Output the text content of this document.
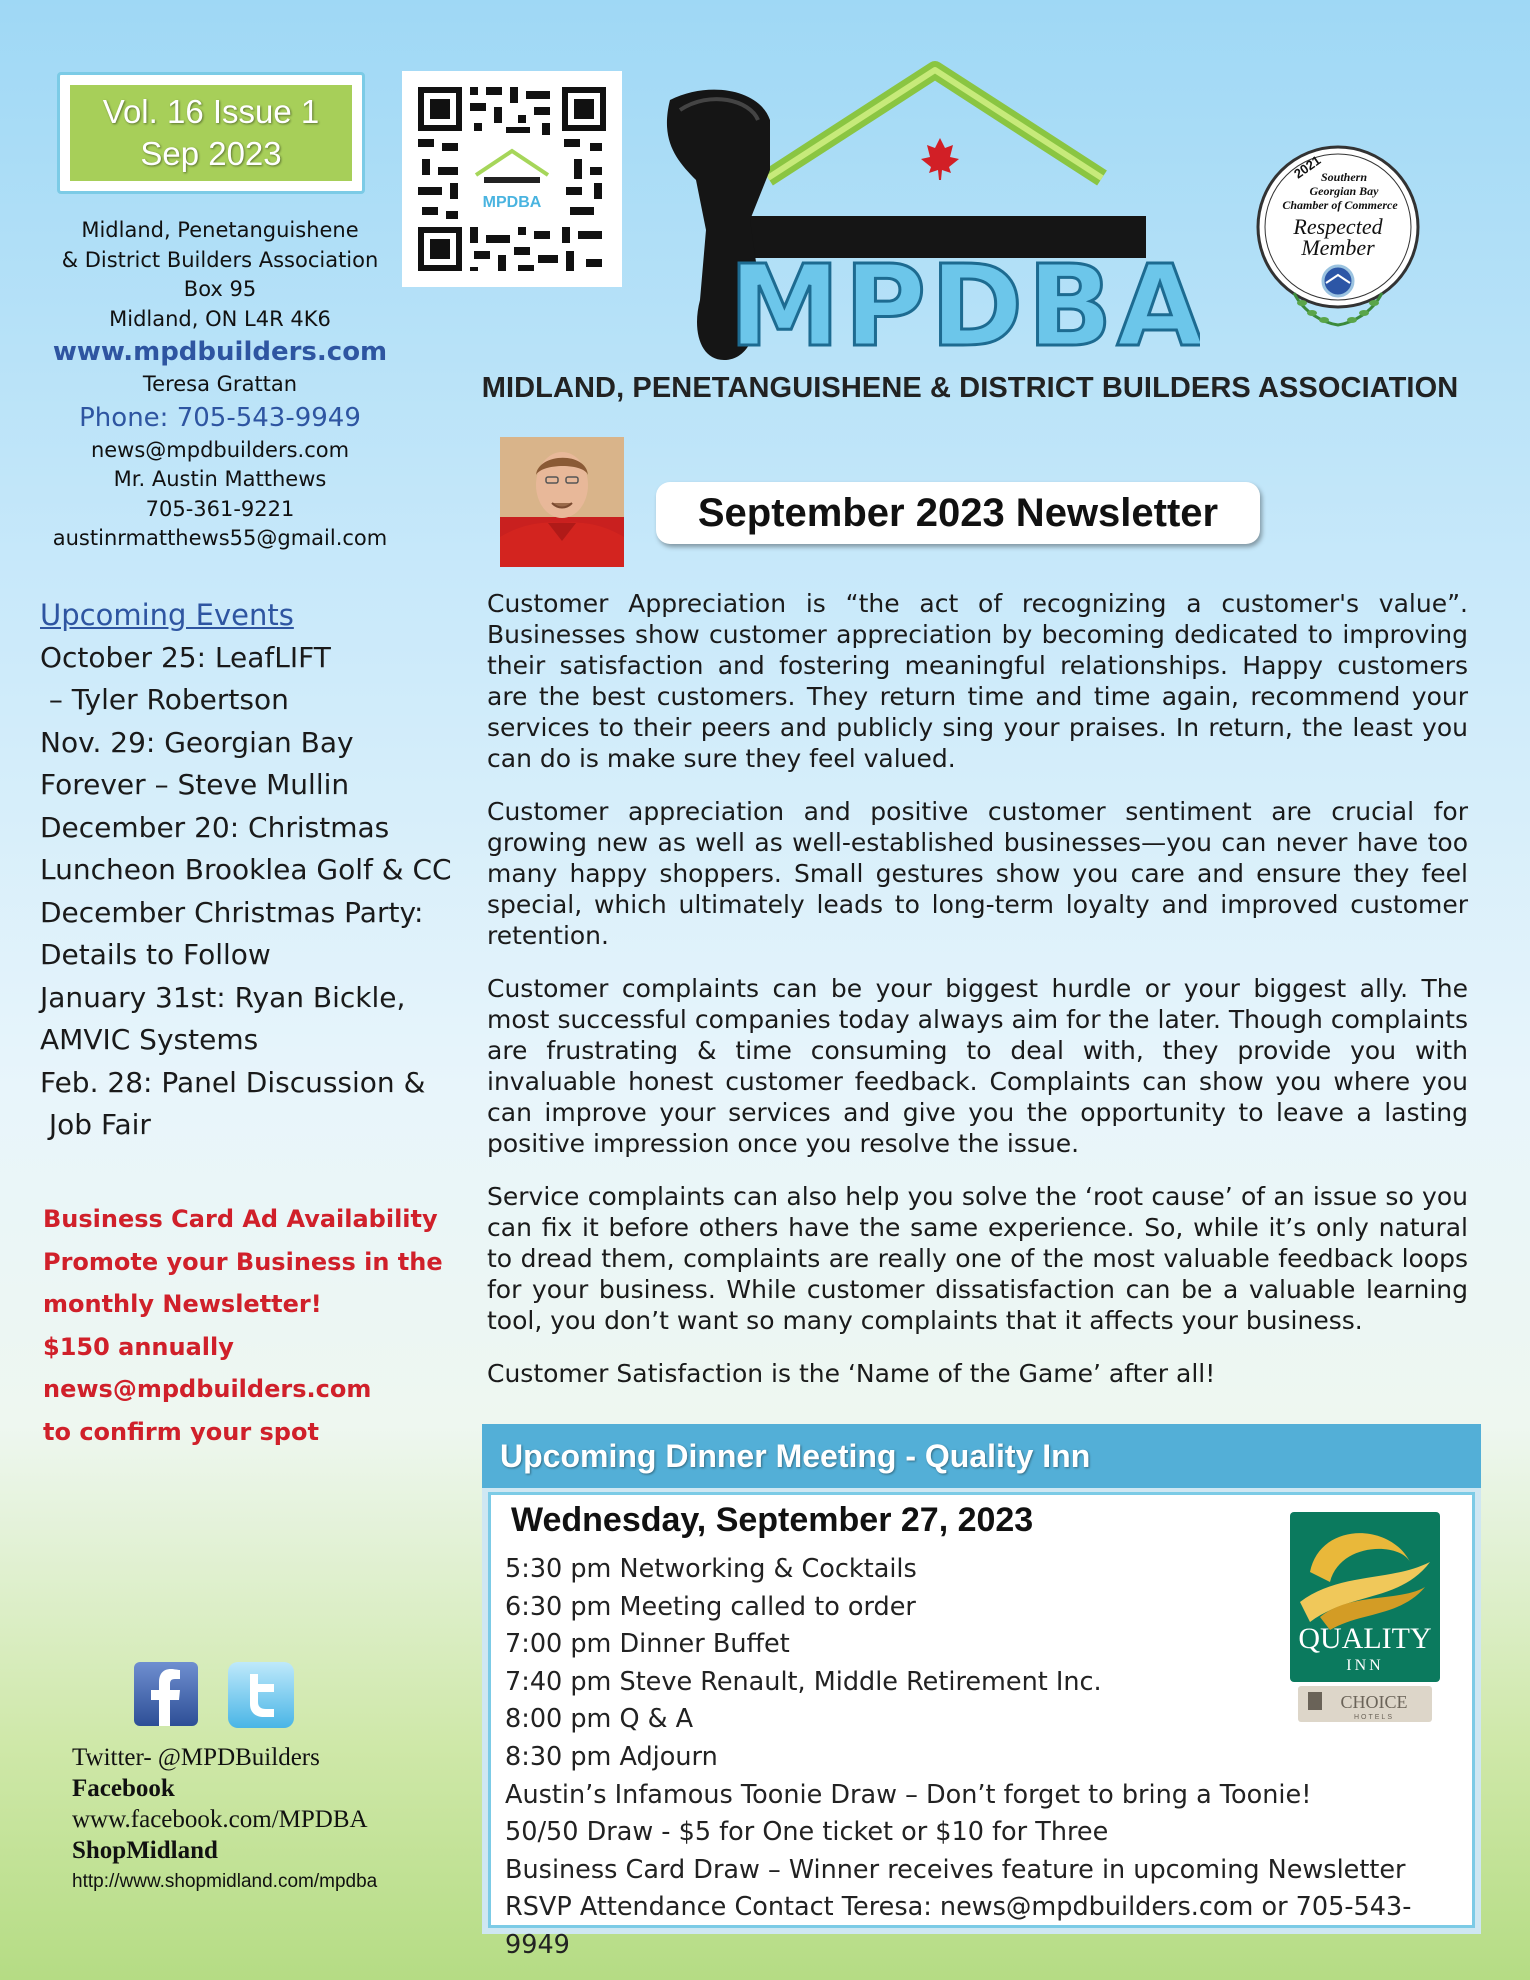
Vol. 16 Issue 1
Sep 2023
Midland, Penetanguishene
& District Builders Association
Box 95
Midland, ON L4R 4K6
www.mpdbuilders.com
Teresa Grattan
Phone: 705-543-9949
news@mpdbuilders.com
Mr. Austin Matthews
705-361-9221
austinrmatthews55@gmail.com
MPDBA
MPDBA
MIDLAND, PENETANGUISHENE & DISTRICT BUILDERS ASSOCIATION
2021
Southern
Georgian Bay
Chamber of Commerce
Respected
Member
September 2023 Newsletter

Customer Appreciation is “the act of recognizing a customer's value”. Businesses show customer appreciation by becoming dedicated to improving their satisfaction and fostering meaningful relationships. Happy customers are the best customers. They return time and time again, recommend your services to their peers and publicly sing your praises. In return, the least you can do is make sure they feel valued.

Customer appreciation and positive customer sentiment are crucial for growing new as well as well-established businesses—you can never have too many happy shoppers. Small gestures show you care and ensure they feel special, which ultimately leads to long-term loyalty and improved customer retention.

Customer complaints can be your biggest hurdle or your biggest ally. The most successful companies today always aim for the later. Though complaints are frustrating & time consuming to deal with, they provide you with invaluable honest customer feedback. Complaints can show you where you can improve your services and give you the opportunity to leave a lasting positive impression once you resolve the issue.

Service complaints can also help you solve the ‘root cause’ of an issue so you can fix it before others have the same experience. So, while it’s only natural to dread them, complaints are really one of the most valuable feedback loops for your business. While customer dissatisfaction can be a valuable learning tool, you don’t want so many complaints that it affects your business.

Customer Satisfaction is the ‘Name of the Game’ after all!

Upcoming Events
October 25: LeafLIFT
– Tyler Robertson
Nov. 29: Georgian Bay
Forever – Steve Mullin
December 20: Christmas
Luncheon Brooklea Golf & CC
December Christmas Party:
Details to Follow
January 31st: Ryan Bickle,
AMVIC Systems
Feb. 28: Panel Discussion &
Job Fair
Business Card Ad Availability
Promote your Business in the
monthly Newsletter!
$150 annually
news@mpdbuilders.com
to confirm your spot
Twitter- @MPDBuilders
Facebook
www.facebook.com/MPDBA
ShopMidland
http://www.shopmidland.com/mpdba
Upcoming Dinner Meeting - Quality Inn
Wednesday, September 27, 2023
5:30 pm Networking & Cocktails
6:30 pm Meeting called to order
7:00 pm Dinner Buffet
7:40 pm Steve Renault, Middle Retirement Inc.
8:00 pm Q & A
8:30 pm Adjourn
Austin’s Infamous Toonie Draw – Don’t forget to bring a Toonie!
50/50 Draw - $5 for One ticket or $10 for Three
Business Card Draw – Winner receives feature in upcoming Newsletter
RSVP Attendance Contact Teresa: news@mpdbuilders.com or 705-543-9949
QUALITY
INN
CHOICE
HOTELS
